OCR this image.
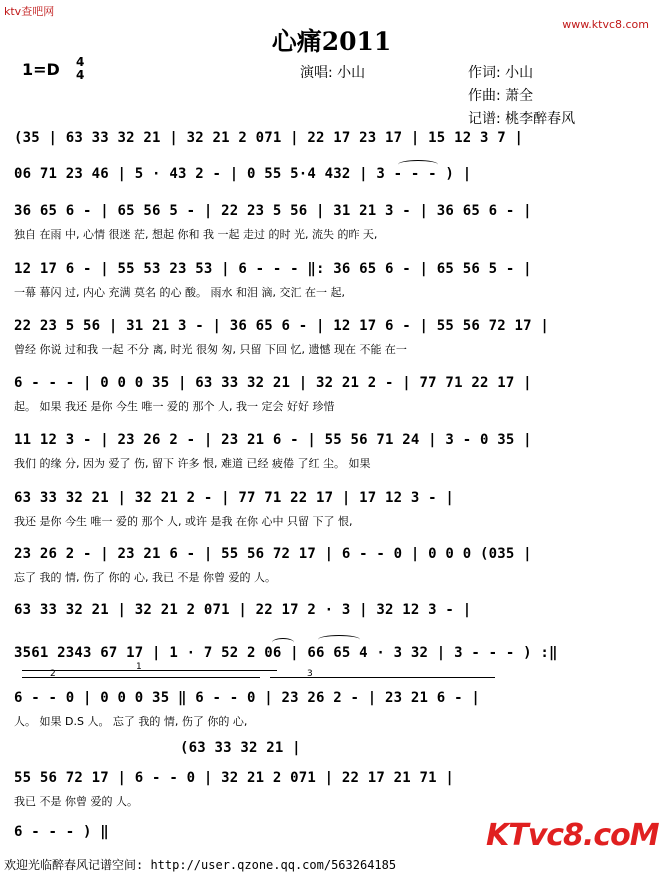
ktv查吧网
www.ktvc8.com
心痛2011
1=D 4
4	演唱: 小山	作词: 小山
作曲: 萧全
记谱: 桃李醉春风
(35 | 63 33 32 21 | 32 21 2 071 | 22 17 23 17 | 15 12 3 7 |
06 71 23 46 | 5 · 43 2 - | 0 55 5·4 432 | 3 - - - ) |
36 65 6 - | 65 56 5 - | 22 23 5 56 | 31 21 3 - | 36 65 6 - |
独自 在雨 中, 心情 很迷 茫, 想起 你和 我 一起 走过 的时 光, 流失 的昨 天,
12 17 6 - | 55 53 23 53 | 6 - - - ‖: 36 65 6 - | 65 56 5 - |
一幕 幕闪 过, 内心 充满 莫名 的心 酸。 雨水 和泪 滴, 交汇 在一 起,
22 23 5 56 | 31 21 3 - | 36 65 6 - | 12 17 6 - | 55 56 72 17 |
曾经 你说 过和我 一起 不分 离, 时光 很匆 匆, 只留 下回 忆, 遗憾 现在 不能 在一
6 - - - | 0 0 0 35 | 63 33 32 21 | 32 21 2 - | 77 71 22 17 |
起。 如果 我还 是你 今生 唯一 爱的 那个 人, 我一 定会 好好 珍惜
11 12 3 - | 23 26 2 - | 23 21 6 - | 55 56 71 24 | 3 - 0 35 |
我们 的缘 分, 因为 爱了 伤, 留下 许多 恨, 难道 已经 疲倦 了红 尘。 如果
63 33 32 21 | 32 21 2 - | 77 71 22 17 | 17 12 3 - |
我还 是你 今生 唯一 爱的 那个 人, 或许 是我 在你 心中 只留 下了 恨,
23 26 2 - | 23 21 6 - | 55 56 72 17 | 6 - - 0 | 0 0 0 (035 |
忘了 我的 情, 伤了 你的 心, 我已 不是 你曾 爱的 人。
63 33 32 21 | 32 21 2 071 | 22 17 2 · 3 | 32 12 3 - |
3561 2343 67 17 | 1 · 7 52 2 06 | 66 65 4 · 3 32 | 3 - - - ) :‖
1
2	3
6 - - 0 | 0 0 0 35 ‖ 6 - - 0 | 23 26 2 - | 23 21 6 - |
人。 如果 D.S 人。 忘了 我的 情, 伤了 你的 心,
(63 33 32 21 |
55 56 72 17 | 6 - - 0 | 32 21 2 071 | 22 17 21 71 |
我已 不是 你曾 爱的 人。
6 - - - ) ‖	KTvc8.coM
欢迎光临醉春风记谱空间: http://user.qzone.qq.com/563264185
